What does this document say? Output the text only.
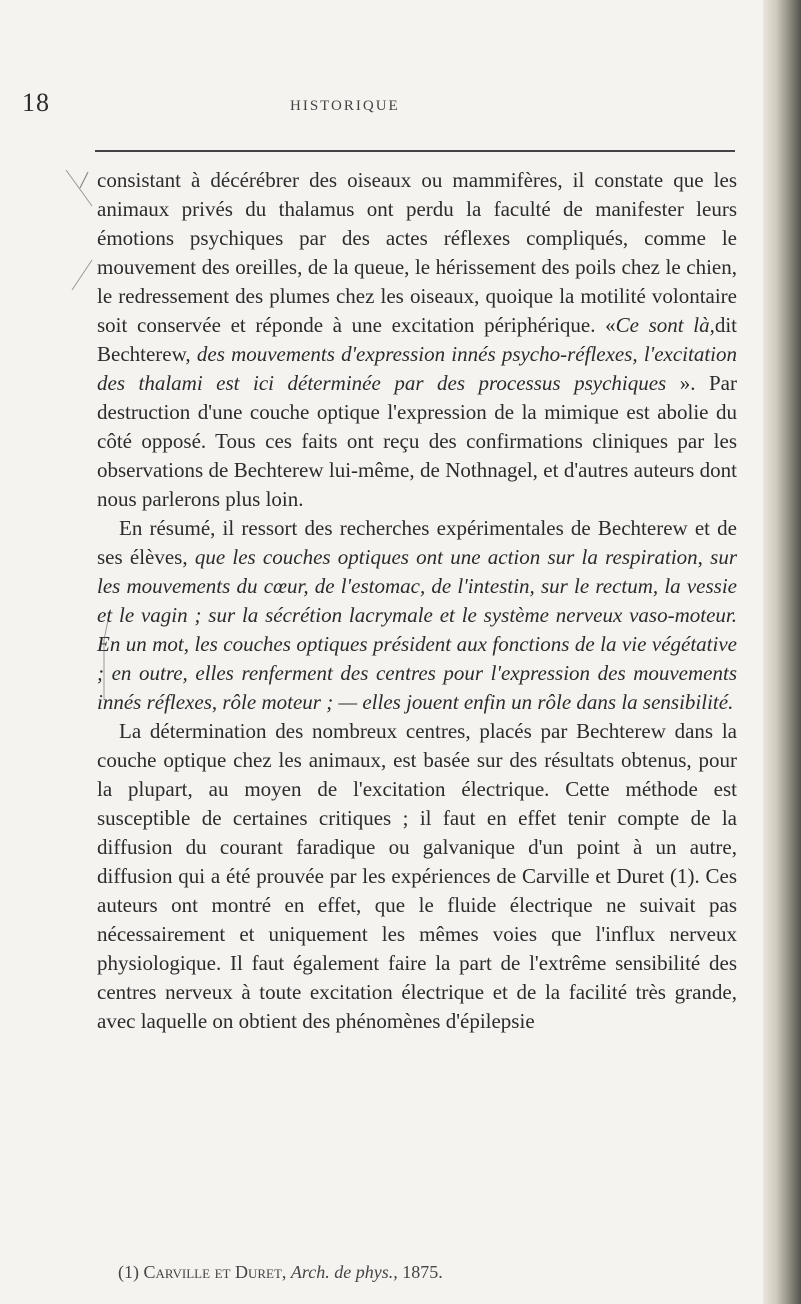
18	HISTORIQUE

consistant à décérébrer des oiseaux ou mammifères, il constate que les animaux privés du thalamus ont perdu la faculté de manifester leurs émotions psychiques par des actes réflexes compliqués, comme le mouvement des oreilles, de la queue, le hérissement des poils chez le chien, le redressement des plumes chez les oiseaux, quoique la motilité volontaire soit conservée et réponde à une excitation périphérique. «Ce sont là,dit Bechterew, des mouvements d'expression innés psycho-réflexes, l'excitation des thalami est ici déterminée par des processus psychiques ». Par destruction d'une couche optique l'expression de la mimique est abolie du côté opposé. Tous ces faits ont reçu des confirmations cliniques par les observations de Bechterew lui-même, de Nothnagel, et d'autres auteurs dont nous parlerons plus loin.

En résumé, il ressort des recherches expérimentales de Bechterew et de ses élèves, que les couches optiques ont une action sur la respiration, sur les mouvements du cœur, de l'estomac, de l'intestin, sur le rectum, la vessie et le vagin ; sur la sécrétion lacrymale et le système nerveux vaso-moteur. En un mot, les couches optiques président aux fonctions de la vie végétative ; en outre, elles renferment des centres pour l'expression des mouvements innés réflexes, rôle moteur ; — elles jouent enfin un rôle dans la sensibilité.

La détermination des nombreux centres, placés par Bechterew dans la couche optique chez les animaux, est basée sur des résultats obtenus, pour la plupart, au moyen de l'excitation électrique. Cette méthode est susceptible de certaines critiques ; il faut en effet tenir compte de la diffusion du courant faradique ou galvanique d'un point à un autre, diffusion qui a été prouvée par les expériences de Carville et Duret (1). Ces auteurs ont montré en effet, que le fluide électrique ne suivait pas nécessairement et uniquement les mêmes voies que l'influx nerveux physiologique. Il faut également faire la part de l'extrême sensibilité des centres nerveux à toute excitation électrique et de la facilité très grande, avec laquelle on obtient des phénomènes d'épilepsie

(1) Carville et Duret, Arch. de phys., 1875.
